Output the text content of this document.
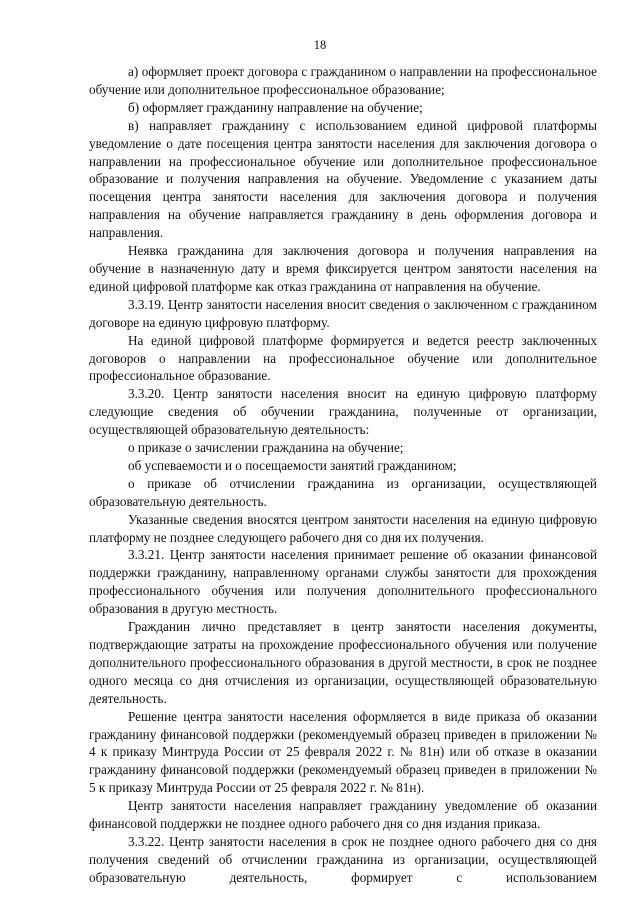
18

а) оформляет проект договора с гражданином о направлении на профессиональное обучение или дополнительное профессиональное образование;

б) оформляет гражданину направление на обучение;

в) направляет гражданину с использованием единой цифровой платформы уведомление о дате посещения центра занятости населения для заключения договора о направлении на профессиональное обучение или дополнительное профессиональное образование и получения направления на обучение. Уведомление с указанием даты посещения центра занятости населения для заключения договора и получения направления на обучение направляется гражданину в день оформления договора и направления.

Неявка гражданина для заключения договора и получения направления на обучение в назначенную дату и время фиксируется центром занятости населения на единой цифровой платформе как отказ гражданина от направления на обучение.

3.3.19. Центр занятости населения вносит сведения о заключенном с гражданином договоре на единую цифровую платформу.

На единой цифровой платформе формируется и ведется реестр заключенных договоров о направлении на профессиональное обучение или дополнительное профессиональное образование.

3.3.20. Центр занятости населения вносит на единую цифровую платформу следующие сведения об обучении гражданина, полученные от организации, осуществляющей образовательную деятельность:

о приказе о зачислении гражданина на обучение;

об успеваемости и о посещаемости занятий гражданином;

о приказе об отчислении гражданина из организации, осуществляющей образовательную деятельность.

Указанные сведения вносятся центром занятости населения на единую цифровую платформу не позднее следующего рабочего дня со дня их получения.

3.3.21. Центр занятости населения принимает решение об оказании финансовой поддержки гражданину, направленному органами службы занятости для прохождения профессионального обучения или получения дополнительного профессионального образования в другую местность.

Гражданин лично представляет в центр занятости населения документы, подтверждающие затраты на прохождение профессионального обучения или получение дополнительного профессионального образования в другой местности, в срок не позднее одного месяца со дня отчисления из организации, осуществляющей образовательную деятельность.

Решение центра занятости населения оформляется в виде приказа об оказании гражданину финансовой поддержки (рекомендуемый образец приведен в приложении № 4 к приказу Минтруда России от 25 февраля 2022 г. № 81н) или об отказе в оказании гражданину финансовой поддержки (рекомендуемый образец приведен в приложении № 5 к приказу Минтруда России от 25 февраля 2022 г. № 81н).

Центр занятости населения направляет гражданину уведомление об оказании финансовой поддержки не позднее одного рабочего дня со дня издания приказа.

3.3.22. Центр занятости населения в срок не позднее одного рабочего дня со дня получения сведений об отчислении гражданина из организации, осуществляющей образовательную деятельность, формирует с использованием
